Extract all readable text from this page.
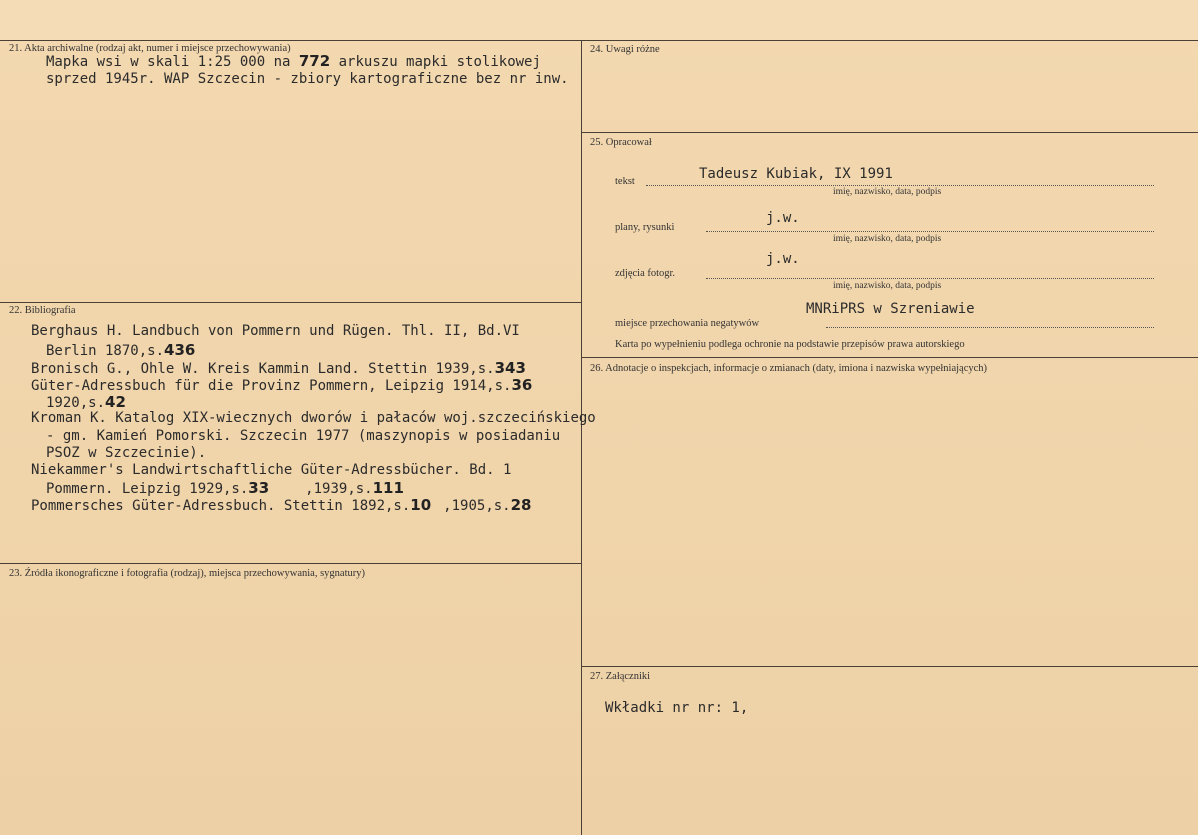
21. Akta archiwalne (rodzaj akt, numer i miejsce przechowywania)
Mapka wsi w skali 1:25 000 na 772 arkuszu mapki stolikowej
sprzed 1945r. WAP Szczecin - zbiory kartograficzne bez nr inw.
22. Bibliografia
Berghaus H. Landbuch von Pommern und Rügen. Thl. II, Bd.VI
Berlin 1870,s.436
Bronisch G., Ohle W. Kreis Kammin Land. Stettin 1939,s.343
Güter-Adressbuch für die Provinz Pommern, Leipzig 1914,s.36
1920,s.42
Kroman K. Katalog XIX-wiecznych dworów i pałaców woj.szczecińskiego
- gm. Kamień Pomorski. Szczecin 1977 (maszynopis w posiadaniu
PSOZ w Szczecinie).
Niekammer's Landwirtschaftliche Güter-Adressbücher. Bd. 1
Pommern. Leipzig 1929,s.33	,1939,s.111
Pommersches Güter-Adressbuch. Stettin 1892,s.10 ,1905,s.28
23. Źródła ikonograficzne i fotografia (rodzaj), miejsca przechowywania, sygnatury)
24. Uwagi różne
25. Opracował
tekst	Tadeusz Kubiak, IX 1991
imię, nazwisko, data, podpis
plany, rysunki
j.w.
imię, nazwisko, data, podpis
zdjęcia fotogr.
j.w.
imię, nazwisko, data, podpis
miejsce przechowania negatywów
MNRiPRS w Szreniawie
Karta po wypełnieniu podlega ochronie na podstawie przepisów prawa autorskiego
26. Adnotacje o inspekcjach, informacje o zmianach (daty, imiona i nazwiska wypełniających)
27. Załączniki
Wkładki nr nr: 1,
